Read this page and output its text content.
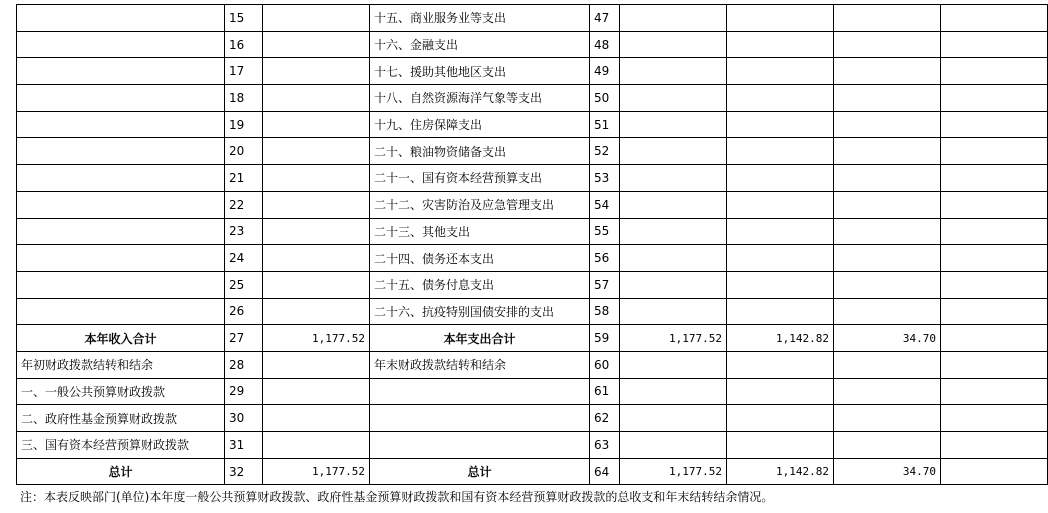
	15		十五、商业服务业等支出	47				
	16		十六、金融支出	48				
	17		十七、援助其他地区支出	49				
	18		十八、自然资源海洋气象等支出	50				
	19		十九、住房保障支出	51				
	20		二十、粮油物资储备支出	52				
	21		二十一、国有资本经营预算支出	53				
	22		二十二、灾害防治及应急管理支出	54				
	23		二十三、其他支出	55				
	24		二十四、债务还本支出	56				
	25		二十五、债务付息支出	57				
	26		二十六、抗疫特别国债安排的支出	58				
本年收入合计	27	1,177.52	本年支出合计	59	1,177.52	1,142.82	34.70	
年初财政拨款结转和结余	28		年末财政拨款结转和结余	60				
一、一般公共预算财政拨款	29			61				
二、政府性基金预算财政拨款	30			62				
三、国有资本经营预算财政拨款	31			63				
总计	32	1,177.52	总计	64	1,177.52	1,142.82	34.70	
注：本表反映部门(单位)本年度一般公共预算财政拨款、政府性基金预算财政拨款和国有资本经营预算财政拨款的总收支和年末结转结余情况。
